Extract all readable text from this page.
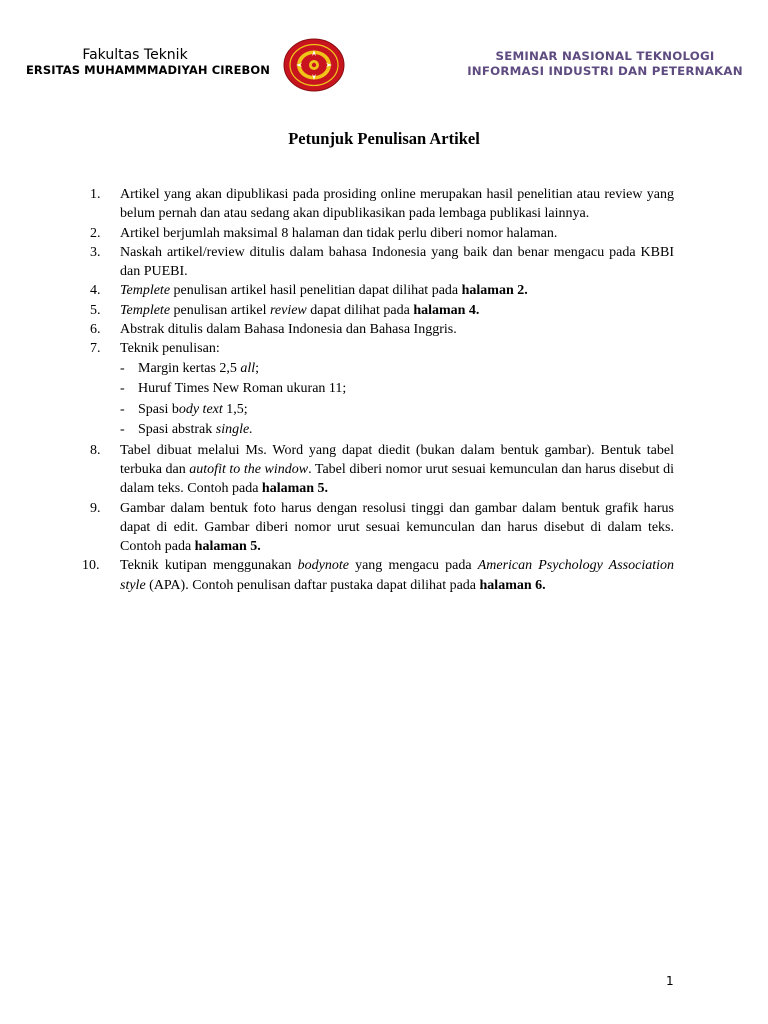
Fakultas Teknik
ERSITAS MUHAMMMADIYAH CIREBON
SEMINAR NASIONAL TEKNOLOGI
INFORMASI INDUSTRI DAN PETERNAKAN
Petunjuk Penulisan Artikel
1.	Artikel yang akan dipublikasi pada prosiding online merupakan hasil penelitian atau review yang belum pernah dan atau sedang akan dipublikasikan pada lembaga publikasi lainnya.
2.	Artikel berjumlah maksimal 8 halaman dan tidak perlu diberi nomor halaman.
3.	Naskah artikel/review ditulis dalam bahasa Indonesia yang baik dan benar mengacu pada KBBI dan PUEBI.
4.	Templete penulisan artikel hasil penelitian dapat dilihat pada halaman 2.
5.	Templete penulisan artikel review dapat dilihat pada halaman 4.
6.	Abstrak ditulis dalam Bahasa Indonesia dan Bahasa Inggris.
7.	Teknik penulisan:
- Margin kertas 2,5 all;
- Huruf Times New Roman ukuran 11;
- Spasi body text 1,5;
- Spasi abstrak single.
8.	Tabel dibuat melalui Ms. Word yang dapat diedit (bukan dalam bentuk gambar). Bentuk tabel terbuka dan autofit to the window. Tabel diberi nomor urut sesuai kemunculan dan harus disebut di dalam teks. Contoh pada halaman 5.
9.	Gambar dalam bentuk foto harus dengan resolusi tinggi dan gambar dalam bentuk grafik harus dapat di edit. Gambar diberi nomor urut sesuai kemunculan dan harus disebut di dalam teks. Contoh pada halaman 5.
10.	Teknik kutipan menggunakan bodynote yang mengacu pada American Psychology Association style (APA). Contoh penulisan daftar pustaka dapat dilihat pada halaman 6.
1
